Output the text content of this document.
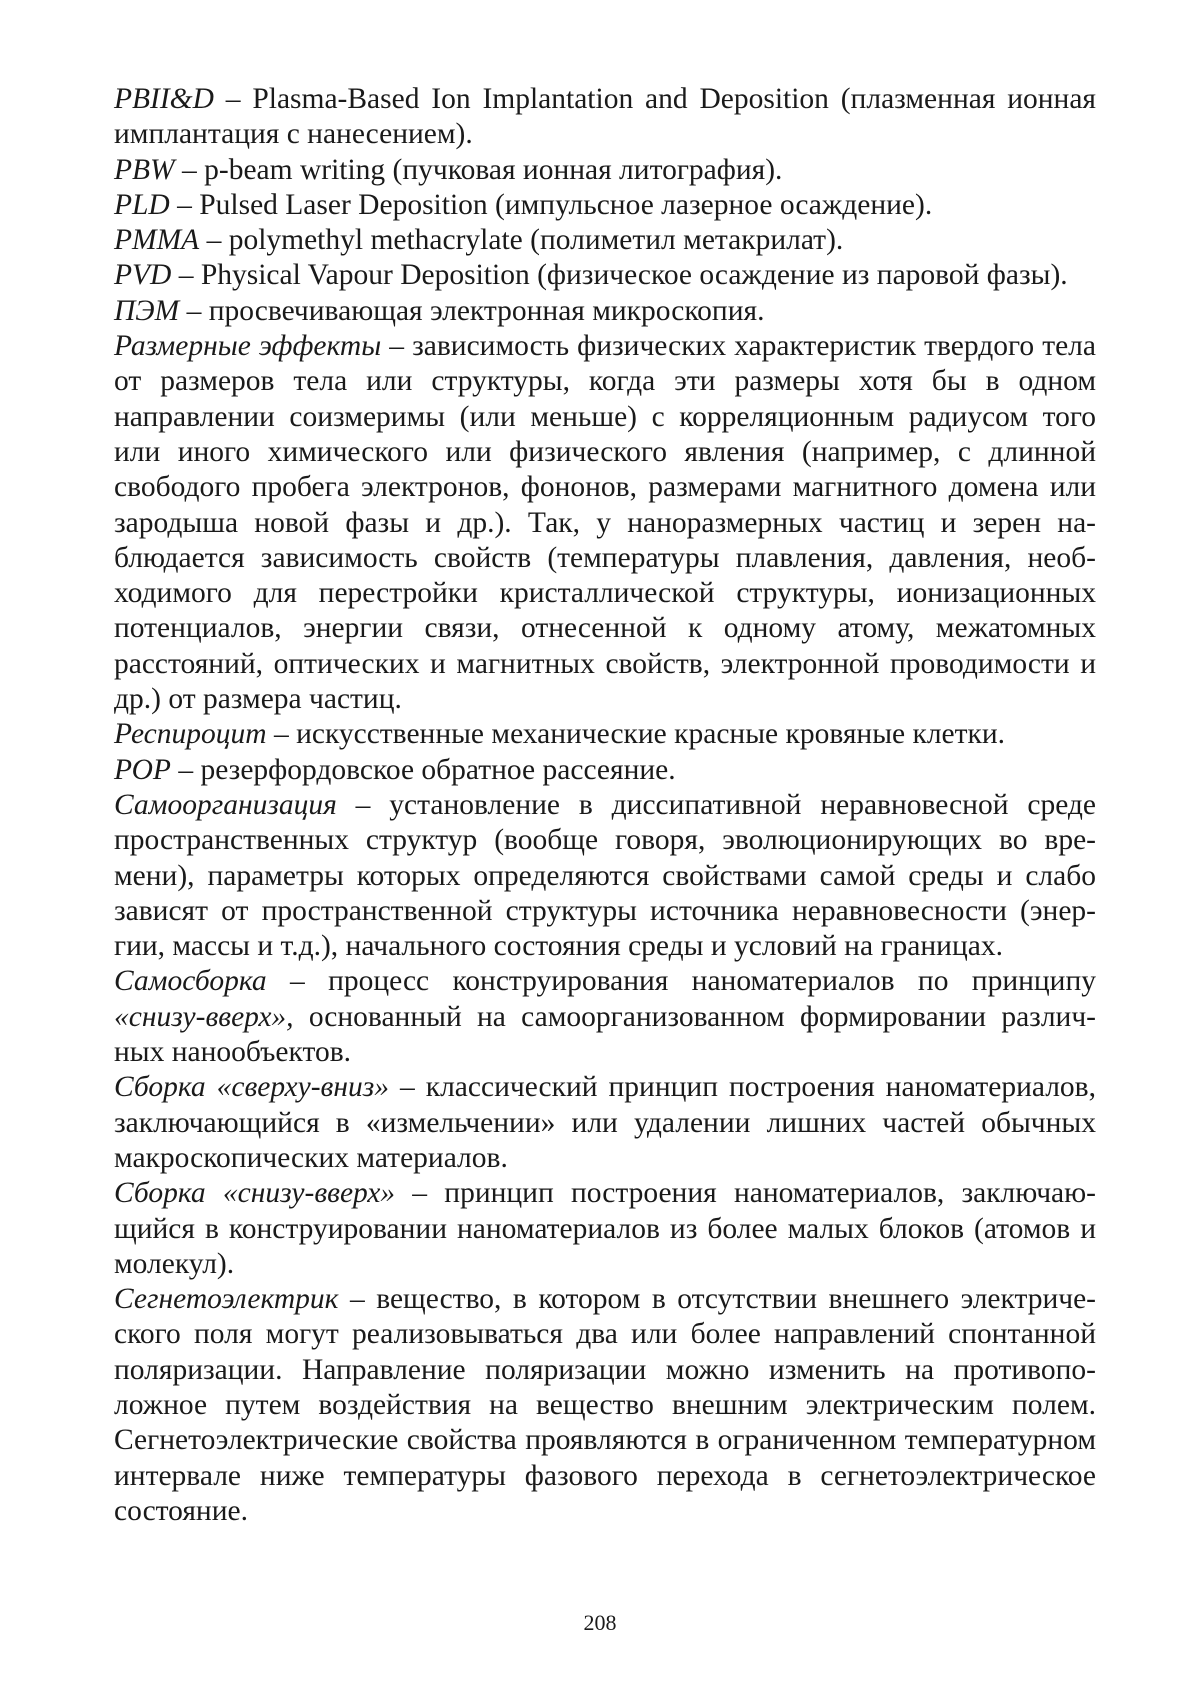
PBII&D – Plasma-Based Ion Implantation and Deposition (плазменная ионная имплантация с нанесением).

PBW – p-beam writing (пучковая ионная литография).

PLD – Pulsed Laser Deposition (импульсное лазерное осаждение).

PMMA – polymethyl methacrylate (полиметил метакрилат).

PVD – Physical Vapour Deposition (физическое осаждение из паровой фазы).

ПЭМ – просвечивающая электронная микроскопия.

Размерные эффекты – зависимость физических характеристик твердого тела от размеров тела или структуры, когда эти размеры хотя бы в одном направлении соизмеримы (или меньше) с корреляционным радиусом того или иного химического или физического явления (например, с длинной свободого пробега электронов, фононов, размерами магнитного домена или зародыша новой фазы и др.). Так, у наноразмерных частиц и зерен наблюдается зависимость свойств (температуры плавления, давления, необходимого для перестройки кристаллической структуры, ионизационных потенциалов, энергии связи, отнесенной к одному атому, межатомных расстояний, оптических и магнитных свойств, электронной проводимости и др.) от размера частиц.

Респироцит – искусственные механические красные кровяные клетки.

РОР – резерфордовское обратное рассеяние.

Самоорганизация – установление в диссипативной неравновесной среде пространственных структур (вообще говоря, эволюционирующих во времени), параметры которых определяются свойствами самой среды и слабо зависят от пространственной структуры источника неравновесности (энергии, массы и т.д.), начального состояния среды и условий на границах.

Самосборка – процесс конструирования наноматериалов по принципу «снизу-вверх», основанный на самоорганизованном формировании различных нанообъектов.

Сборка «сверху-вниз» – классический принцип построения наноматериалов, заключающийся в «измельчении» или удалении лишних частей обычных макроскопических материалов.

Сборка «снизу-вверх» – принцип построения наноматериалов, заключающийся в конструировании наноматериалов из более малых блоков (атомов и молекул).

Сегнетоэлектрик – вещество, в котором в отсутствии внешнего электрического поля могут реализовываться два или более направлений спонтанной поляризации. Направление поляризации можно изменить на противоположное путем воздействия на вещество внешним электрическим полем. Сегнетоэлектрические свойства проявляются в ограниченном температурном интервале ниже температуры фазового перехода в сегнетоэлектрическое состояние.

208
